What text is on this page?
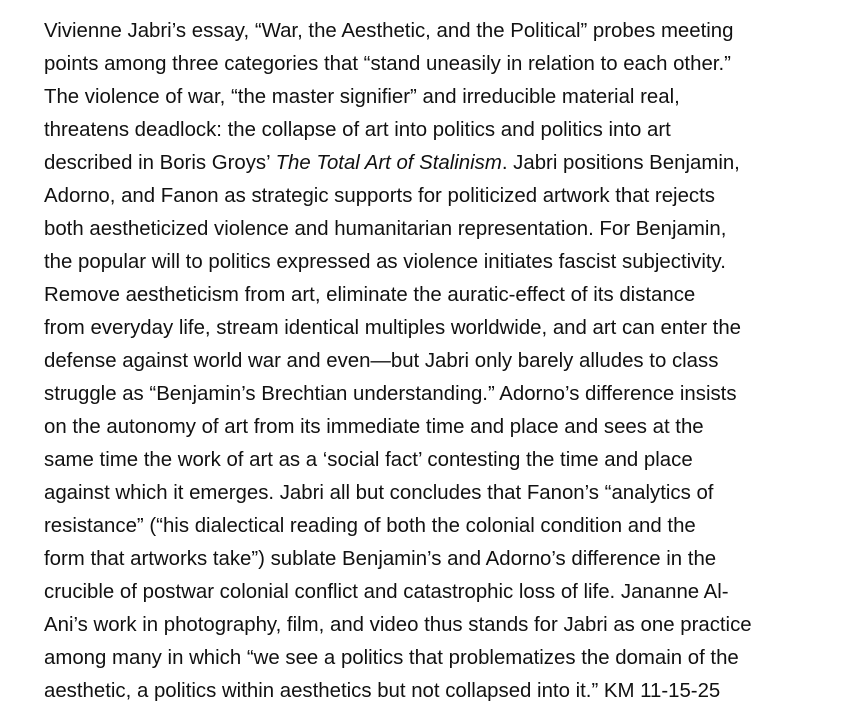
Vivienne Jabri’s essay, “War, the Aesthetic, and the Political” probes meeting
points among three categories that “stand uneasily in relation to each other.”
The violence of war, “the master signifier” and irreducible material real,
threatens deadlock: the collapse of art into politics and politics into art
described in Boris Groys’ The Total Art of Stalinism. Jabri positions Benjamin,
Adorno, and Fanon as strategic supports for politicized artwork that rejects
both aestheticized violence and humanitarian representation. For Benjamin,
the popular will to politics expressed as violence initiates fascist subjectivity.
Remove aestheticism from art, eliminate the auratic-effect of its distance
from everyday life, stream identical multiples worldwide, and art can enter the
defense against world war and even—but Jabri only barely alludes to class
struggle as “Benjamin’s Brechtian understanding.” Adorno’s difference insists
on the autonomy of art from its immediate time and place and sees at the
same time the work of art as a ‘social fact’ contesting the time and place
against which it emerges. Jabri all but concludes that Fanon’s “analytics of
resistance” (“his dialectical reading of both the colonial condition and the
form that artworks take”) sublate Benjamin’s and Adorno’s difference in the
crucible of postwar colonial conflict and catastrophic loss of life. Jananne Al-
Ani’s work in photography, film, and video thus stands for Jabri as one practice
among many in which “we see a politics that problematizes the domain of the
aesthetic, a politics within aesthetics but not collapsed into it.” KM 11-15-25
